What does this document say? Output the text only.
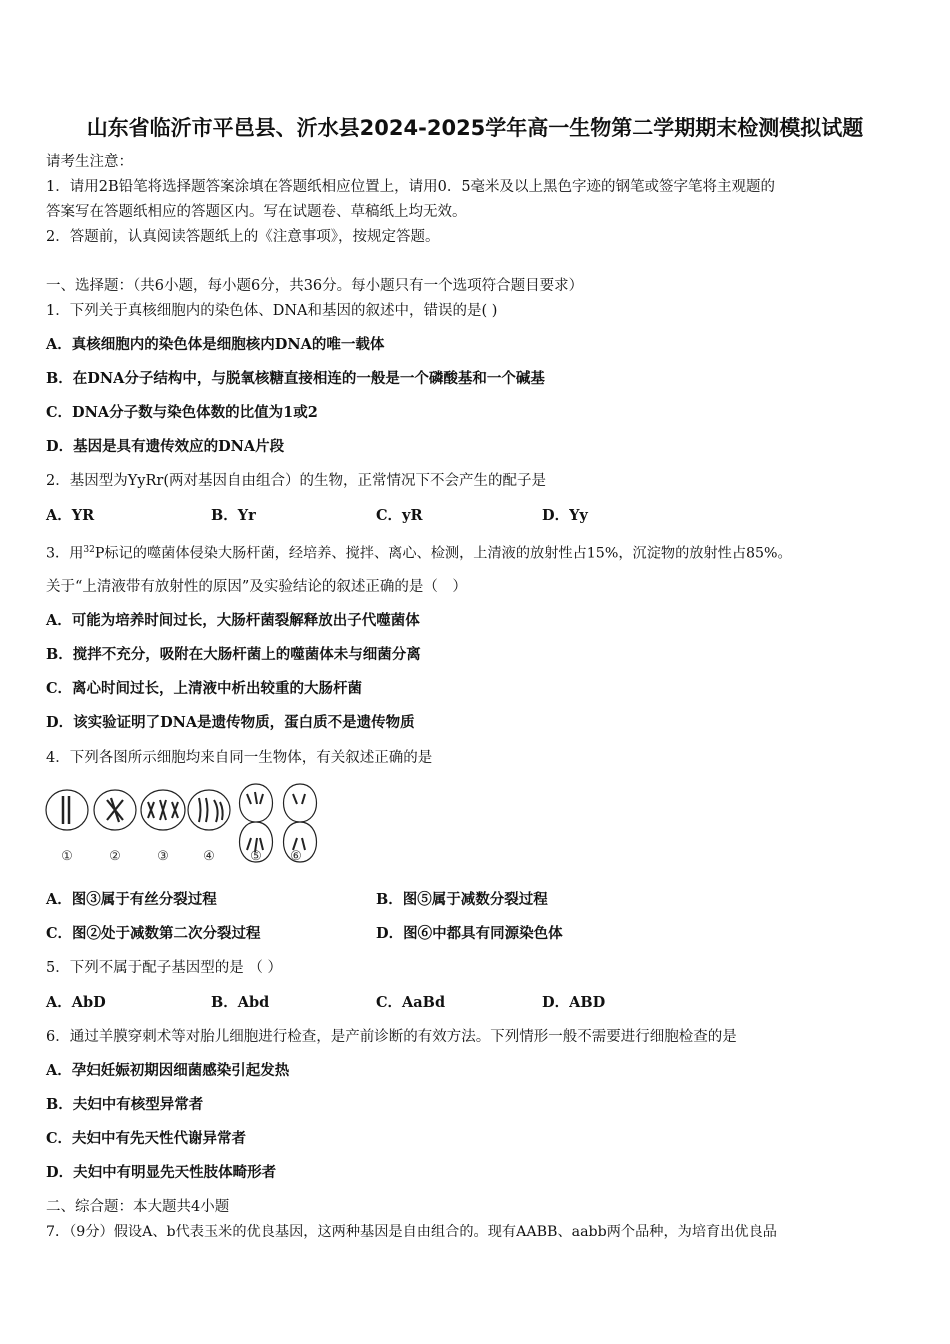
山东省临沂市平邑县、沂水县2024-2025学年高一生物第二学期期末检测模拟试题
请考生注意：
1．请用2B铅笔将选择题答案涂填在答题纸相应位置上，请用0．5毫米及以上黑色字迹的钢笔或签字笔将主观题的
答案写在答题纸相应的答题区内。写在试题卷、草稿纸上均无效。
2．答题前，认真阅读答题纸上的《注意事项》，按规定答题。
一、选择题：（共6小题，每小题6分，共36分。每小题只有一个选项符合题目要求）
1．下列关于真核细胞内的染色体、DNA和基因的叙述中，错误的是( )
A．真核细胞内的染色体是细胞核内DNA的唯一载体
B．在DNA分子结构中，与脱氧核糖直接相连的一般是一个磷酸基和一个碱基
C．DNA分子数与染色体数的比值为1或2
D．基因是具有遗传效应的DNA片段
2．基因型为YyRr(两对基因自由组合）的生物，正常情况下不会产生的配子是
A．YR	B．Yr	C．yR	D．Yy
3．用$^{32}$P标记的噬菌体侵染大肠杆菌，经培养、搅拌、离心、检测，上清液的放射性占15%，沉淀物的放射性占85%。
关于“上清液带有放射性的原因”及实验结论的叙述正确的是（　）
A．可能为培养时间过长，大肠杆菌裂解释放出子代噬菌体
B．搅拌不充分，吸附在大肠杆菌上的噬菌体未与细菌分离
C．离心时间过长，上清液中析出较重的大肠杆菌
D．该实验证明了DNA是遗传物质，蛋白质不是遗传物质
4．下列各图所示细胞均来自同一生物体，有关叙述正确的是
①	②	③	④	⑤ ⑥
A．图③属于有丝分裂过程	B．图⑤属于减数分裂过程
C．图②处于减数第二次分裂过程	D．图⑥中都具有同源染色体
5．下列不属于配子基因型的是 （ ）
A．AbD	B．Abd	C．AaBd	D．ABD
6．通过羊膜穿刺术等对胎儿细胞进行检查，是产前诊断的有效方法。下列情形一般不需要进行细胞检查的是
A．孕妇妊娠初期因细菌感染引起发热
B．夫妇中有核型异常者
C．夫妇中有先天性代谢异常者
D．夫妇中有明显先天性肢体畸形者
二、综合题：本大题共4小题
7．（9分）假设A、b代表玉米的优良基因，这两种基因是自由组合的。现有AABB、aabb两个品种，为培育出优良品
